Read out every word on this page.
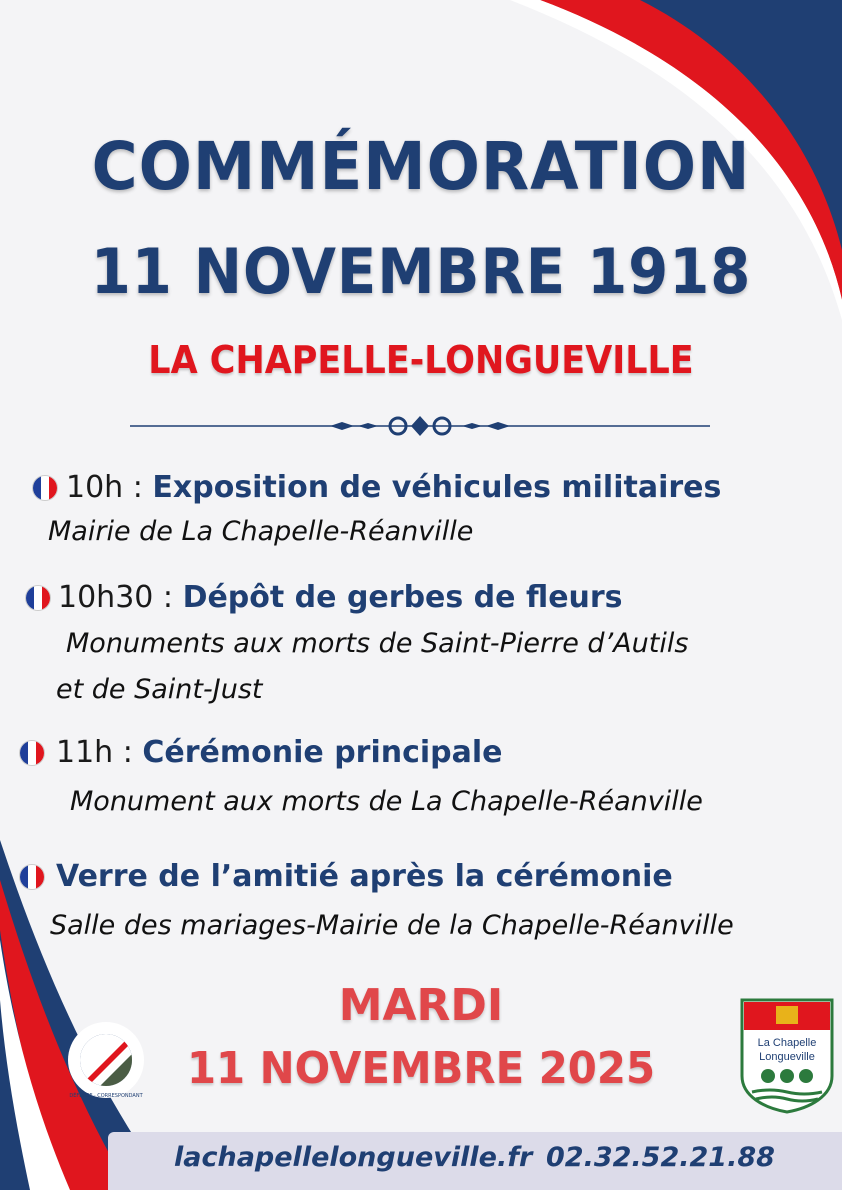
COMMÉMORATION
11 NOVEMBRE 1918
LA CHAPELLE-LONGUEVILLE
10h : Exposition de véhicules militaires
Mairie de La Chapelle-Réanville
10h30 : Dépôt de gerbes de fleurs
Monuments aux morts de Saint-Pierre d’Autils
et de Saint-Just
11h : Cérémonie principale
Monument aux morts de La Chapelle-Réanville
Verre de l’amitié après la cérémonie
Salle des mariages-Mairie de la Chapelle-Réanville
MARDI
11 NOVEMBRE 2025
DÉFENSE · CORRESPONDANT
La Chapelle
Longueville
lachapellelongueville.fr 02.32.52.21.88
